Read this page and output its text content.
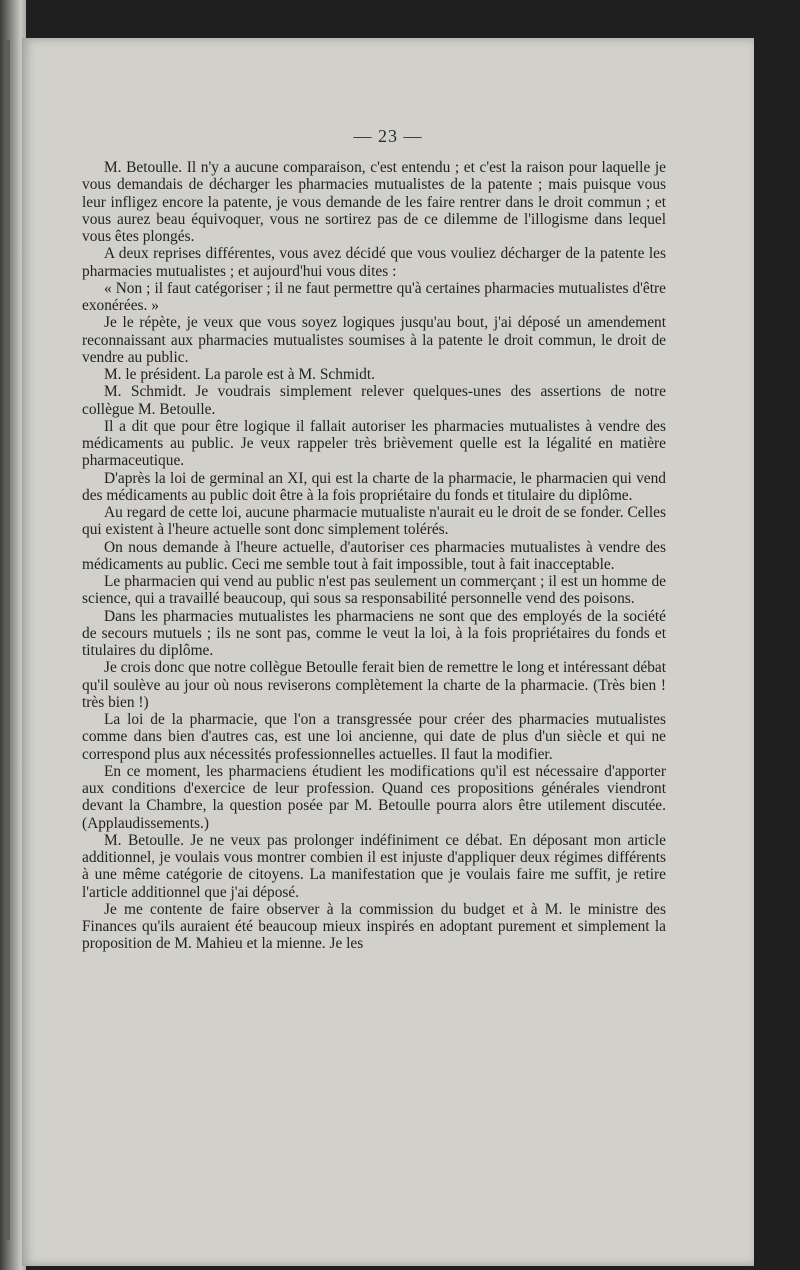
— 23 —

M. Betoulle. Il n'y a aucune comparaison, c'est entendu ; et c'est la raison pour laquelle je vous demandais de décharger les pharmacies mutualistes de la patente ; mais puisque vous leur infligez encore la patente, je vous demande de les faire rentrer dans le droit commun ; et vous aurez beau équivoquer, vous ne sortirez pas de ce dilemme de l'illogisme dans lequel vous êtes plongés.

A deux reprises différentes, vous avez décidé que vous vouliez décharger de la patente les pharmacies mutualistes ; et aujourd'hui vous dites :

« Non ; il faut catégoriser ; il ne faut permettre qu'à certaines pharmacies mutualistes d'être exonérées. »

Je le répète, je veux que vous soyez logiques jusqu'au bout, j'ai déposé un amendement reconnaissant aux pharmacies mutualistes soumises à la patente le droit commun, le droit de vendre au public.

M. le président. La parole est à M. Schmidt.

M. Schmidt. Je voudrais simplement relever quelques-unes des assertions de notre collègue M. Betoulle.

Il a dit que pour être logique il fallait autoriser les pharmacies mutualistes à vendre des médicaments au public. Je veux rappeler très brièvement quelle est la légalité en matière pharmaceutique.

D'après la loi de germinal an XI, qui est la charte de la pharmacie, le pharmacien qui vend des médicaments au public doit être à la fois propriétaire du fonds et titulaire du diplôme.

Au regard de cette loi, aucune pharmacie mutualiste n'aurait eu le droit de se fonder. Celles qui existent à l'heure actuelle sont donc simplement tolérés.

On nous demande à l'heure actuelle, d'autoriser ces pharmacies mutualistes à vendre des médicaments au public. Ceci me semble tout à fait impossible, tout à fait inacceptable.

Le pharmacien qui vend au public n'est pas seulement un commerçant ; il est un homme de science, qui a travaillé beaucoup, qui sous sa responsabilité personnelle vend des poisons.

Dans les pharmacies mutualistes les pharmaciens ne sont que des employés de la société de secours mutuels ; ils ne sont pas, comme le veut la loi, à la fois propriétaires du fonds et titulaires du diplôme.

Je crois donc que notre collègue Betoulle ferait bien de remettre le long et intéressant débat qu'il soulève au jour où nous reviserons complètement la charte de la pharmacie. (Très bien ! très bien !)

La loi de la pharmacie, que l'on a transgressée pour créer des pharmacies mutualistes comme dans bien d'autres cas, est une loi ancienne, qui date de plus d'un siècle et qui ne correspond plus aux nécessités professionnelles actuelles. Il faut la modifier.

En ce moment, les pharmaciens étudient les modifications qu'il est nécessaire d'apporter aux conditions d'exercice de leur profession. Quand ces propositions générales viendront devant la Chambre, la question posée par M. Betoulle pourra alors être utilement discutée. (Applaudissements.)

M. Betoulle. Je ne veux pas prolonger indéfiniment ce débat. En déposant mon article additionnel, je voulais vous montrer combien il est injuste d'appliquer deux régimes différents à une même catégorie de citoyens. La manifestation que je voulais faire me suffit, je retire l'article additionnel que j'ai déposé.

Je me contente de faire observer à la commission du budget et à M. le ministre des Finances qu'ils auraient été beaucoup mieux inspirés en adoptant purement et simplement la proposition de M. Mahieu et la mienne. Je les
